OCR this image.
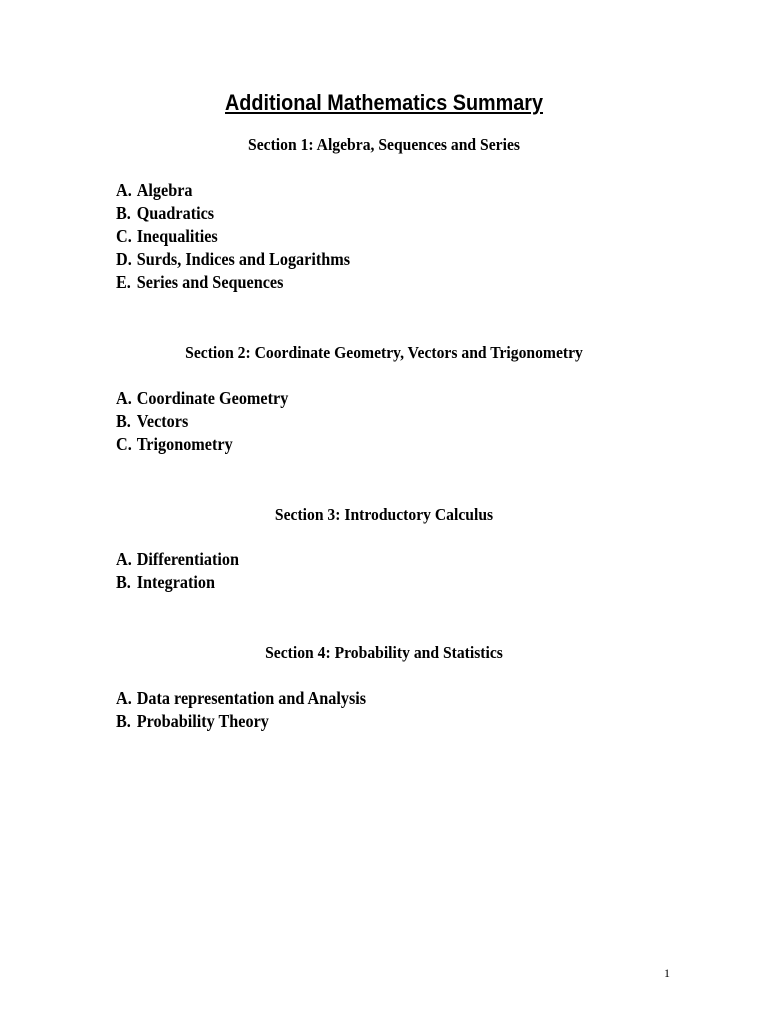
Additional Mathematics Summary
Section 1: Algebra, Sequences and Series
A. Algebra
B. Quadratics
C. Inequalities
D. Surds, Indices and Logarithms
E. Series and Sequences
Section 2: Coordinate Geometry, Vectors and Trigonometry
A. Coordinate Geometry
B. Vectors
C. Trigonometry
Section 3: Introductory Calculus
A. Differentiation
B. Integration
Section 4: Probability and Statistics
A. Data representation and Analysis
B. Probability Theory
1
